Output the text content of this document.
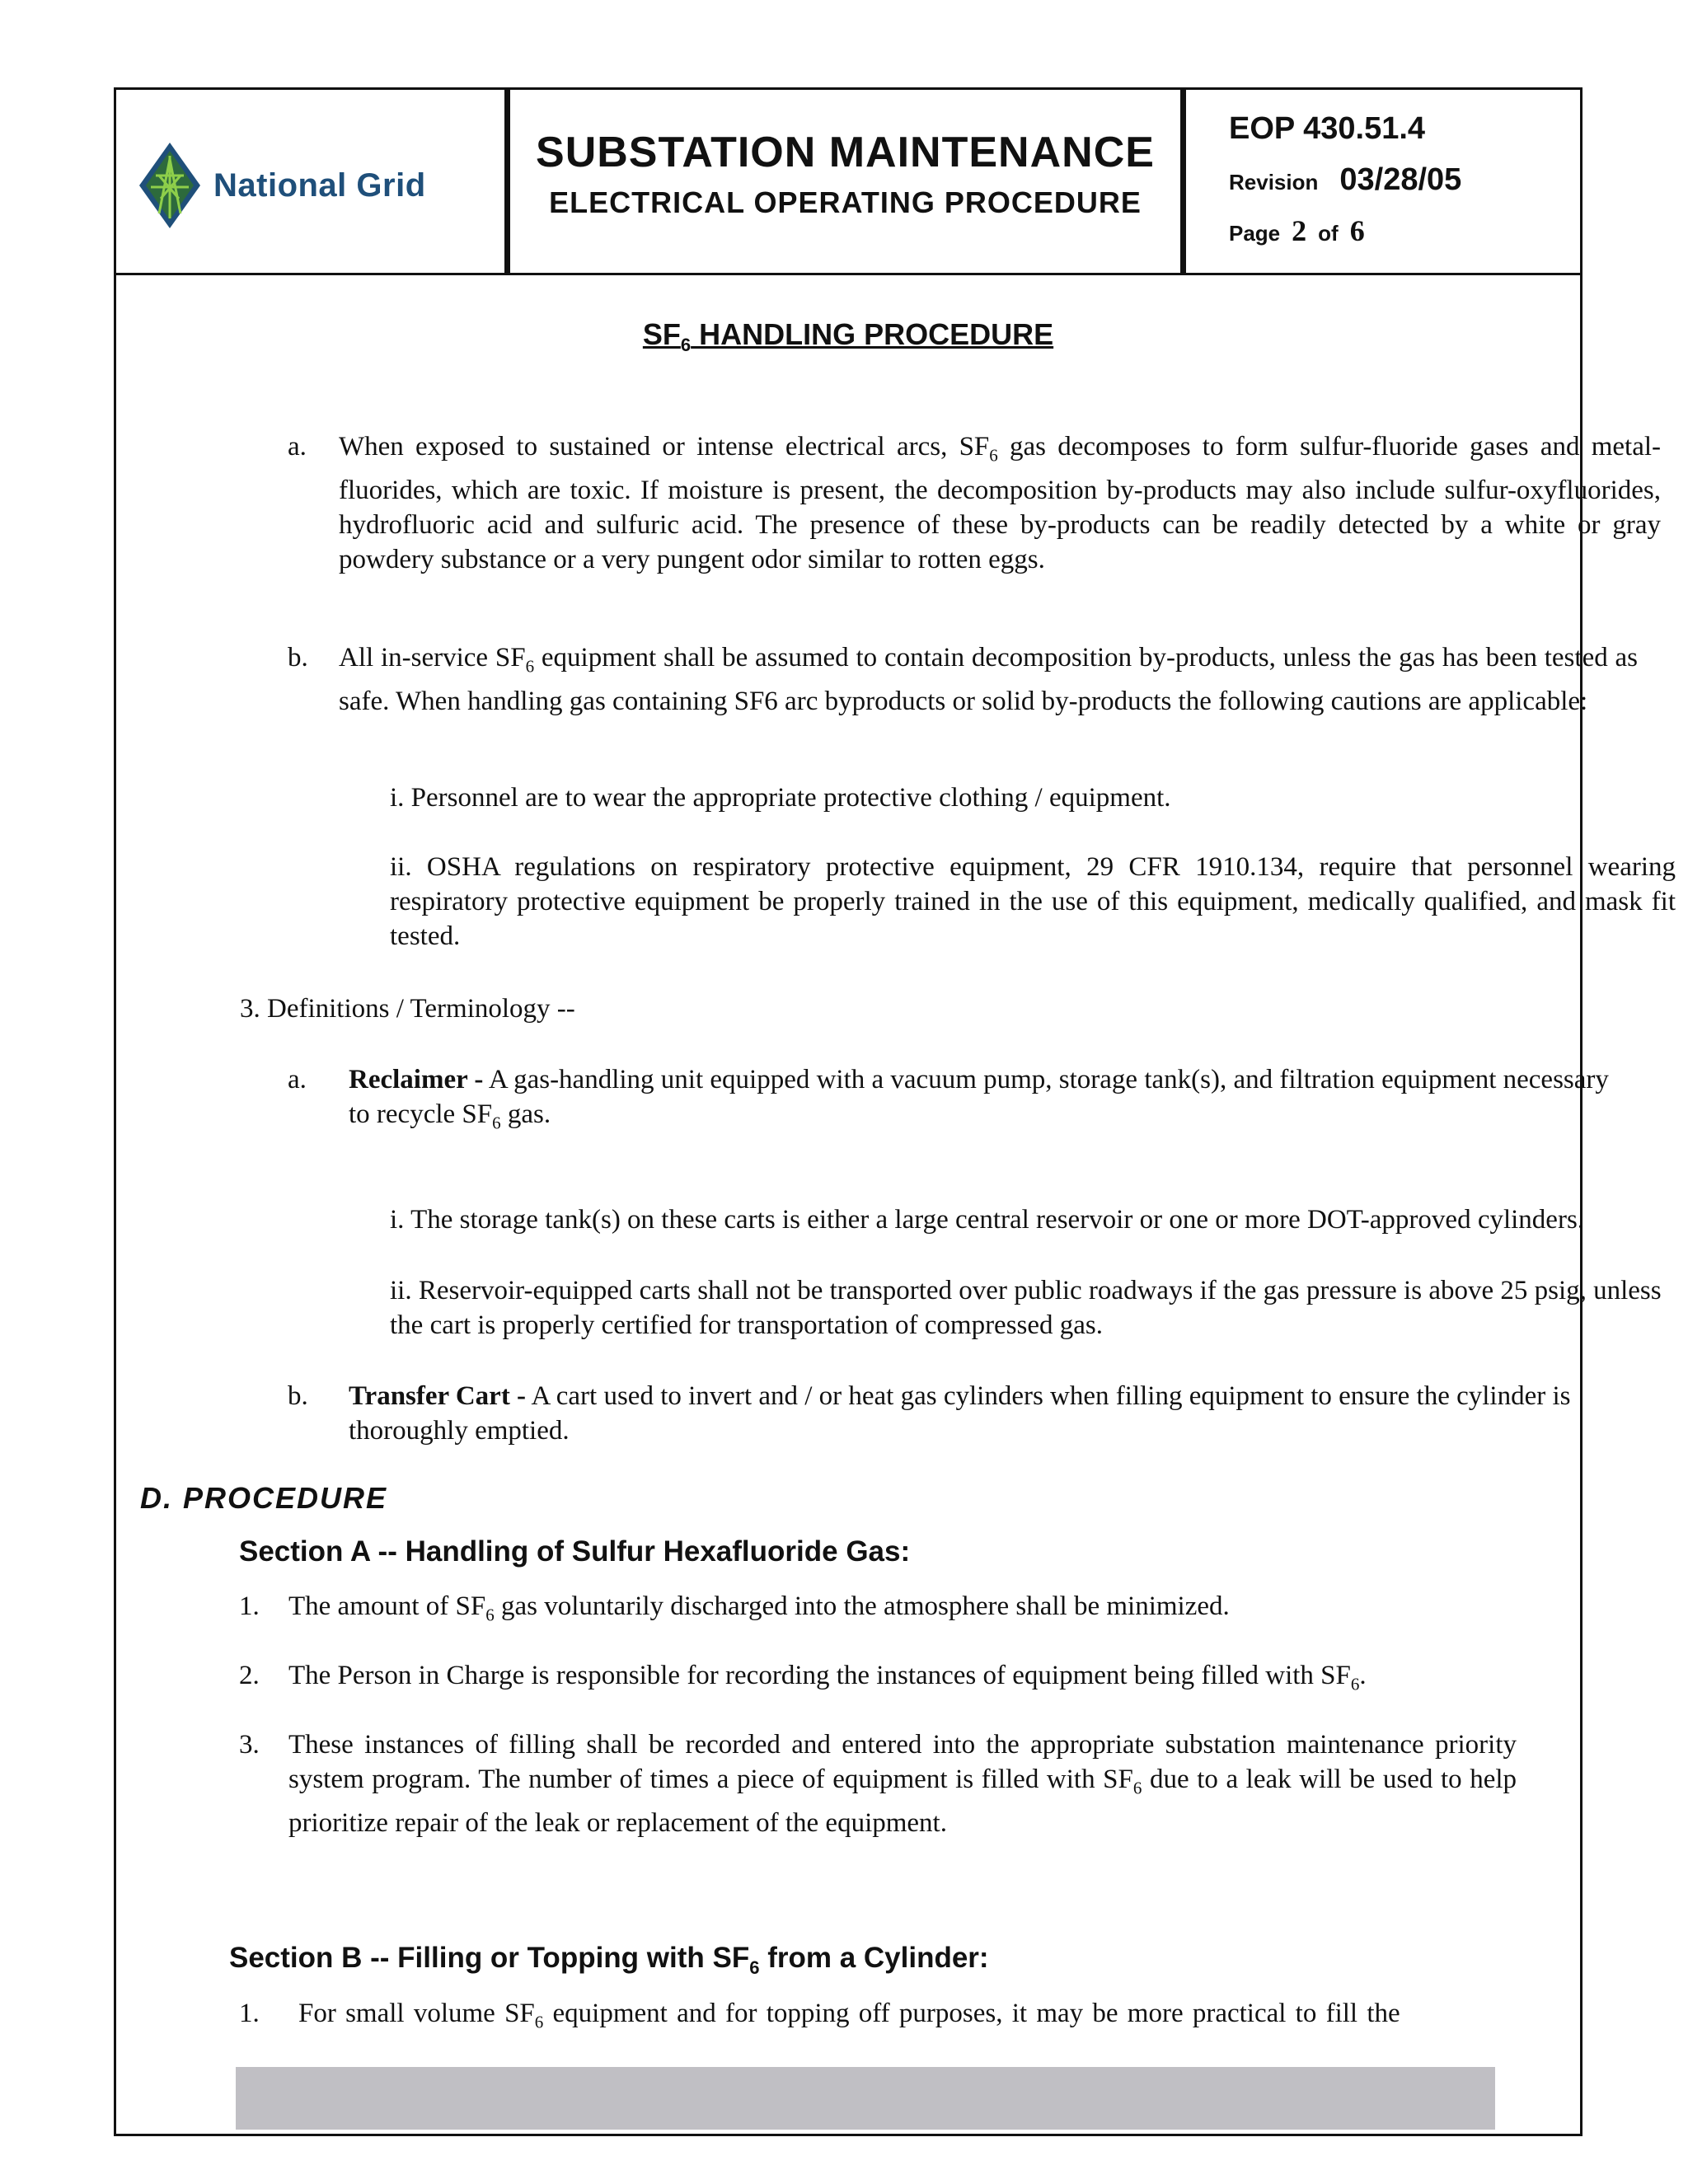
National Grid
SUBSTATION MAINTENANCE
ELECTRICAL OPERATING PROCEDURE
EOP 430.51.4
Revision 03/28/05
Page 2 of 6
$SF_6$ HANDLING PROCEDURE
a. When exposed to sustained or intense electrical arcs, $SF_6$ gas decomposes to form sulfur-fluoride gases and metal-fluorides, which are toxic. If moisture is present, the decomposition by-products may also include sulfur-oxyfluorides, hydrofluoric acid and sulfuric acid. The presence of these by-products can be readily detected by a white or gray powdery substance or a very pungent odor similar to rotten eggs.

b. All in-service $SF_6$ equipment shall be assumed to contain decomposition by-products, unless the gas has been tested as safe. When handling gas containing SF6 arc byproducts or solid by-products the following cautions are applicable:

i. Personnel are to wear the appropriate protective clothing / equipment.

ii. OSHA regulations on respiratory protective equipment, 29 CFR 1910.134, require that personnel wearing respiratory protective equipment be properly trained in the use of this equipment, medically qualified, and mask fit tested.

3. Definitions / Terminology --

a. Reclaimer - A gas-handling unit equipped with a vacuum pump, storage tank(s), and filtration equipment necessary to recycle $SF_6$ gas.

i. The storage tank(s) on these carts is either a large central reservoir or one or more DOT-approved cylinders.

ii. Reservoir-equipped carts shall not be transported over public roadways if the gas pressure is above 25 psig, unless the cart is properly certified for transportation of compressed gas.

b. Transfer Cart - A cart used to invert and / or heat gas cylinders when filling equipment to ensure the cylinder is thoroughly emptied.

D. PROCEDURE
Section A -- Handling of Sulfur Hexafluoride Gas:
1. The amount of $SF_6$ gas voluntarily discharged into the atmosphere shall be minimized.

2. The Person in Charge is responsible for recording the instances of equipment being filled with $SF_6$.

3. These instances of filling shall be recorded and entered into the appropriate substation maintenance priority system program. The number of times a piece of equipment is filled with $SF_6$ due to a leak will be used to help prioritize repair of the leak or replacement of the equipment.

Section B -- Filling or Topping with $SF_6$ from a Cylinder:
1. For small volume $SF_6$ equipment and for topping off purposes, it may be more practical to fill the
